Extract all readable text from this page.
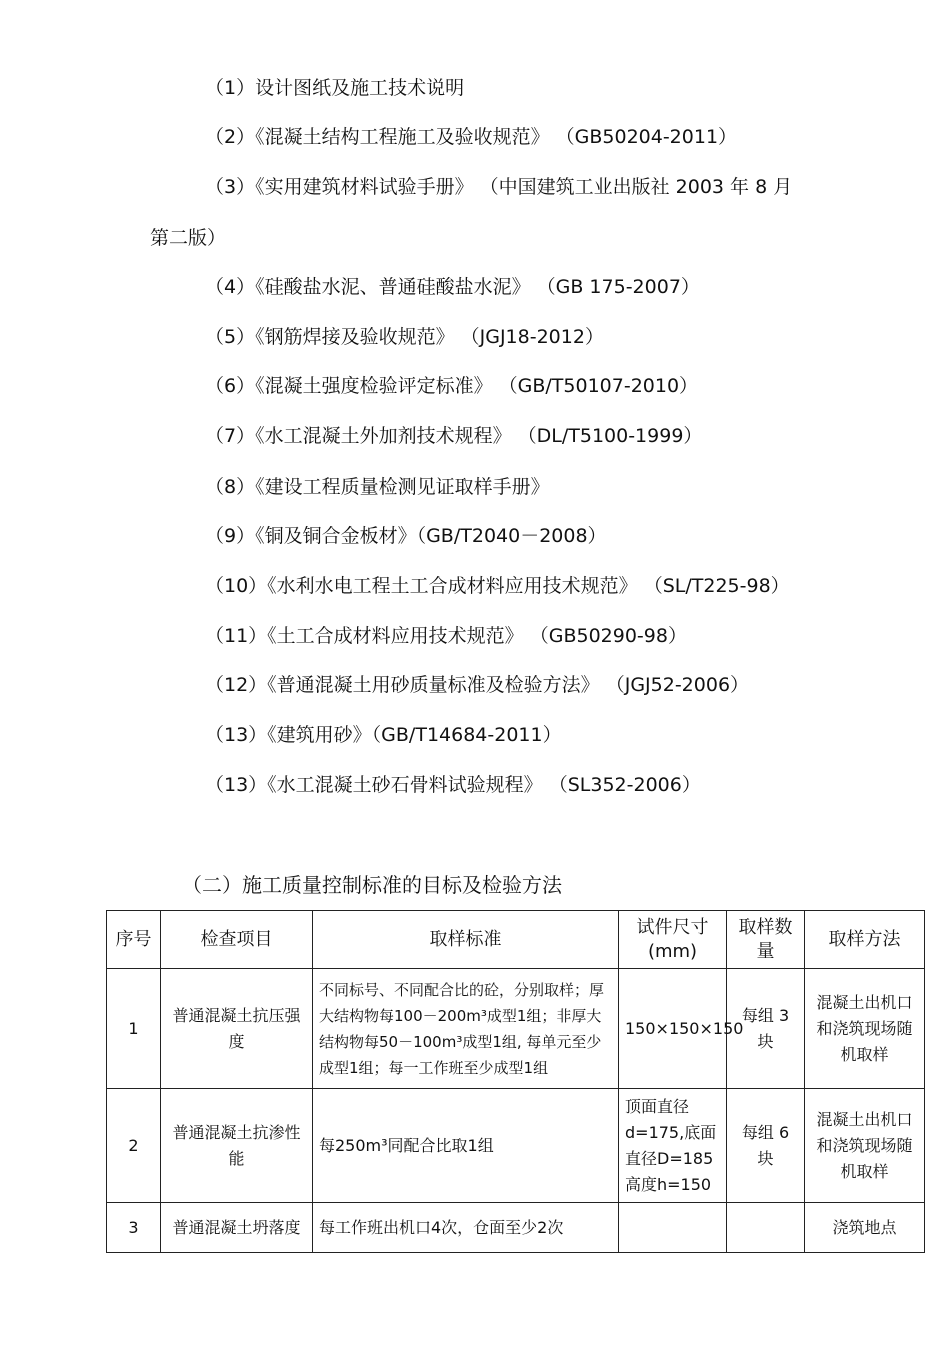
（1）设计图纸及施工技术说明
（2）《混凝土结构工程施工及验收规范》 （GB50204-2011）
（3）《实用建筑材料试验手册》 （中国建筑工业出版社 2003 年 8 月
第二版）
（4）《硅酸盐水泥、普通硅酸盐水泥》 （GB 175-2007）
（5）《钢筋焊接及验收规范》 （JGJ18-2012）
（6）《混凝土强度检验评定标准》 （GB/T50107-2010）
（7）《水工混凝土外加剂技术规程》 （DL/T5100-1999）
（8）《建设工程质量检测见证取样手册》
（9）《铜及铜合金板材》（GB/T2040－2008）
（10）《水利水电工程土工合成材料应用技术规范》 （SL/T225-98）
（11）《土工合成材料应用技术规范》 （GB50290-98）
（12）《普通混凝土用砂质量标准及检验方法》 （JGJ52-2006）
（13）《建筑用砂》（GB/T14684-2011）
（13）《水工混凝土砂石骨料试验规程》 （SL352-2006）
（二）施工质量控制标准的目标及检验方法
序号	检查项目	取样标准	试件尺寸(mm)	取样数量	取样方法
1	普通混凝土抗压强度	不同标号、不同配合比的砼，分别取样；厚大结构物每100－200m³成型1组；非厚大结构物每50－100m³成型1组, 每单元至少成型1组；每一工作班至少成型1组	150×150×150	每组 3 块	混凝土出机口和浇筑现场随机取样
2	普通混凝土抗渗性能	每250m³同配合比取1组	顶面直径d=175,底面直径D=185 高度h=150	每组 6 块	混凝土出机口和浇筑现场随机取样
3	普通混凝土坍落度	每工作班出机口4次，仓面至少2次			浇筑地点
